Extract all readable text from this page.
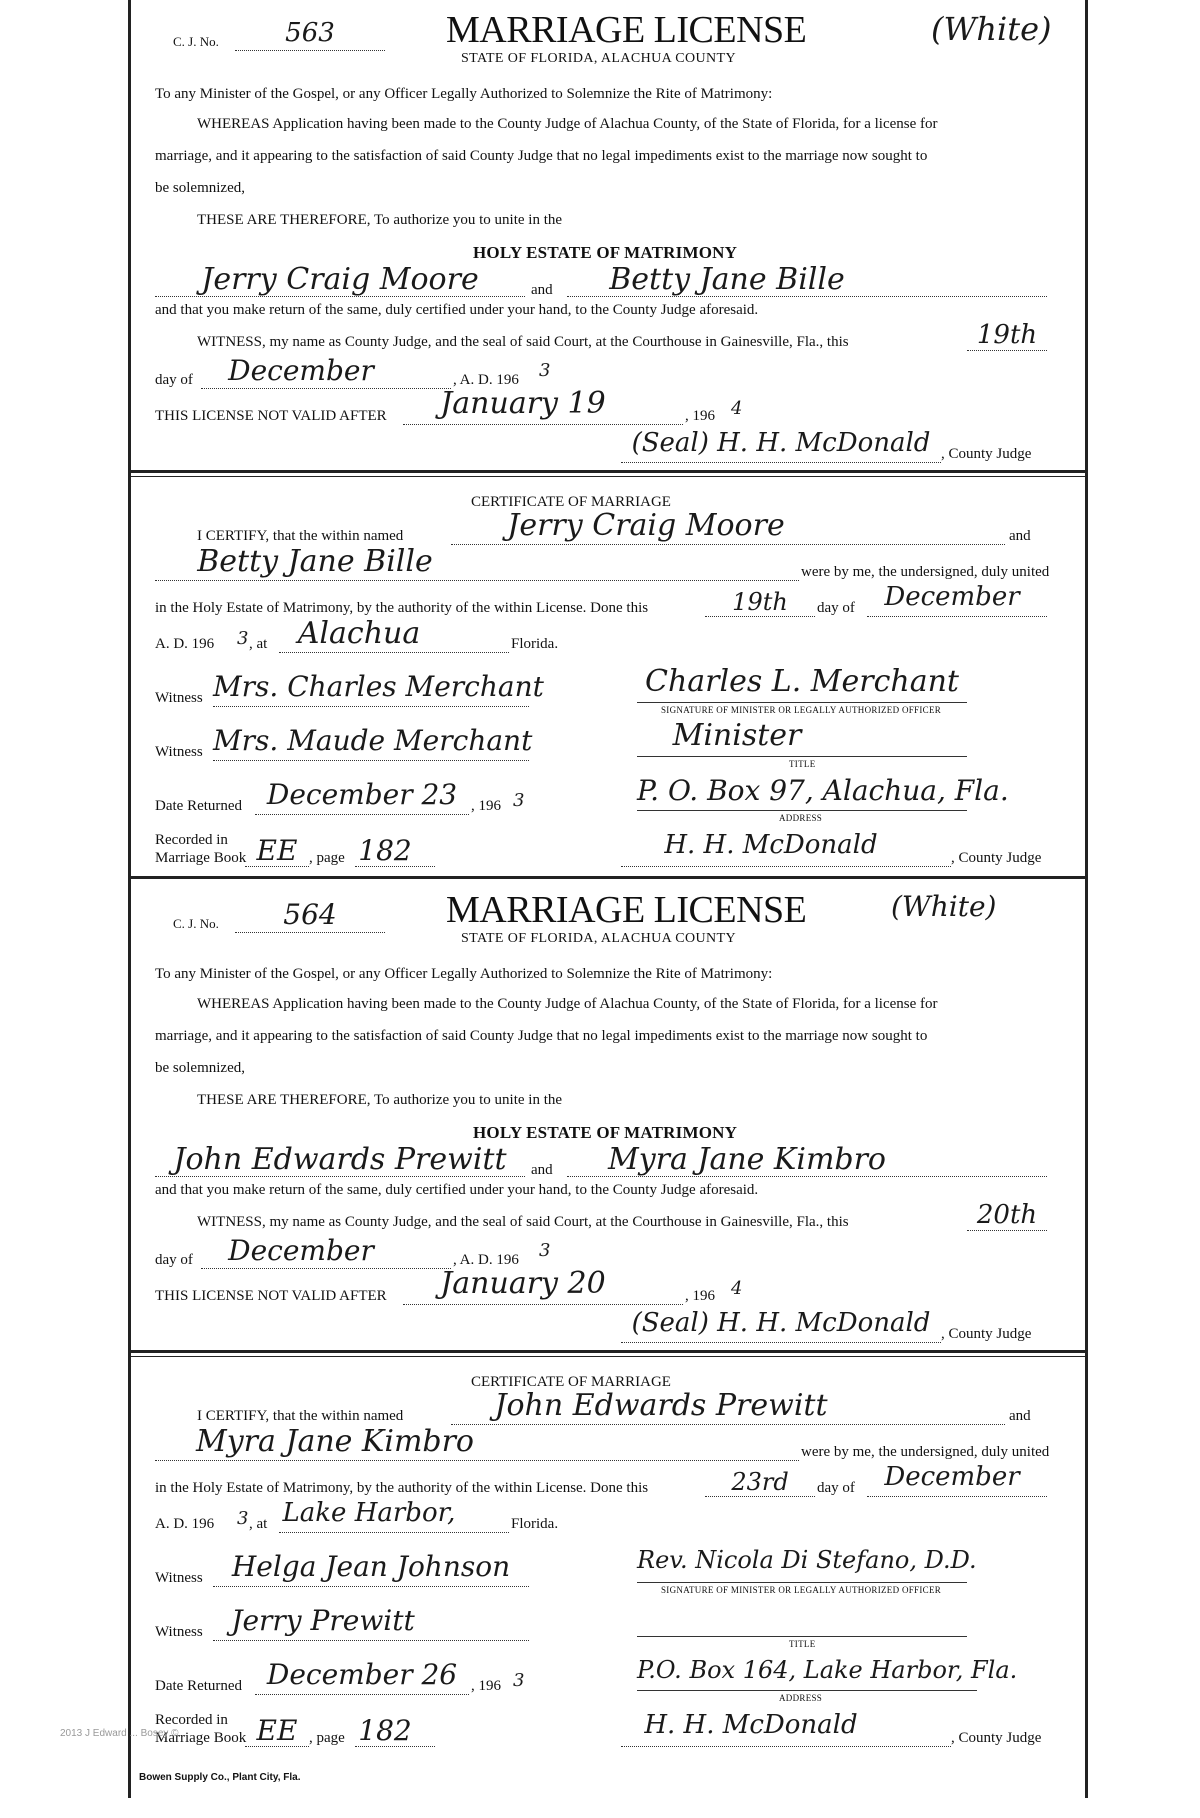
C. J. No.	563	MARRIAGE LICENSE	(White)
STATE OF FLORIDA, ALACHUA COUNTY
To any Minister of the Gospel, or any Officer Legally Authorized to Solemnize the Rite of Matrimony:
WHEREAS Application having been made to the County Judge of Alachua County, of the State of Florida, for a license for
marriage, and it appearing to the satisfaction of said County Judge that no legal impediments exist to the marriage now sought to
be solemnized,
THESE ARE THEREFORE, To authorize you to unite in the
HOLY ESTATE OF MATRIMONY
Jerry Craig Moore	and	Betty Jane Bille
and that you make return of the same, duly certified under your hand, to the County Judge aforesaid.
WITNESS, my name as County Judge, and the seal of said Court, at the Courthouse in Gainesville, Fla., this	19th
day of	December	, A. D. 196 3
THIS LICENSE NOT VALID AFTER	January 19	, 196 4
(Seal) H. H. McDonald , County Judge
CERTIFICATE OF MARRIAGE
I CERTIFY, that the within named	Jerry Craig Moore	and
Betty Jane Bille	were by me, the undersigned, duly united
in the Holy Estate of Matrimony, by the authority of the within License. Done this	19th	day of	December
A. D. 196 3 , at	Alachua	Florida.
Witness Mrs. Charles Merchant	Charles L. Merchant
SIGNATURE OF MINISTER OR LEGALLY AUTHORIZED OFFICER
Witness Mrs. Maude Merchant	Minister
TITLE
Date Returned December 23 , 196 3	P. O. Box 97, Alachua, Fla.
ADDRESS
Recorded in
Marriage Book EE , page 182	H. H. McDonald	, County Judge
C. J. No.	564	MARRIAGE LICENSE	(White)
STATE OF FLORIDA, ALACHUA COUNTY
To any Minister of the Gospel, or any Officer Legally Authorized to Solemnize the Rite of Matrimony:
WHEREAS Application having been made to the County Judge of Alachua County, of the State of Florida, for a license for
marriage, and it appearing to the satisfaction of said County Judge that no legal impediments exist to the marriage now sought to
be solemnized,
THESE ARE THEREFORE, To authorize you to unite in the
HOLY ESTATE OF MATRIMONY
John Edwards Prewitt	and	Myra Jane Kimbro
and that you make return of the same, duly certified under your hand, to the County Judge aforesaid.
WITNESS, my name as County Judge, and the seal of said Court, at the Courthouse in Gainesville, Fla., this	20th
day of	December	, A. D. 196 3
THIS LICENSE NOT VALID AFTER	January 20	, 196 4
(Seal) H. H. McDonald , County Judge
CERTIFICATE OF MARRIAGE
I CERTIFY, that the within named	John Edwards Prewitt	and
Myra Jane Kimbro	were by me, the undersigned, duly united
in the Holy Estate of Matrimony, by the authority of the within License. Done this	23rd	day of	December
A. D. 196 3 , at Lake Harbor,	Florida.
Witness	Helga Jean Johnson	Rev. Nicola Di Stefano, D.D.
SIGNATURE OF MINISTER OR LEGALLY AUTHORIZED OFFICER
Witness	Jerry Prewitt
TITLE
Date Returned December 26 , 196 3	P.O. Box 164, Lake Harbor, Fla.
ADDRESS
Recorded in
Marriage Book EE , page 182	H. H. McDonald	, County Judge
Bowen Supply Co., Plant City, Fla.
2013 J Edward ... Bosey ©
